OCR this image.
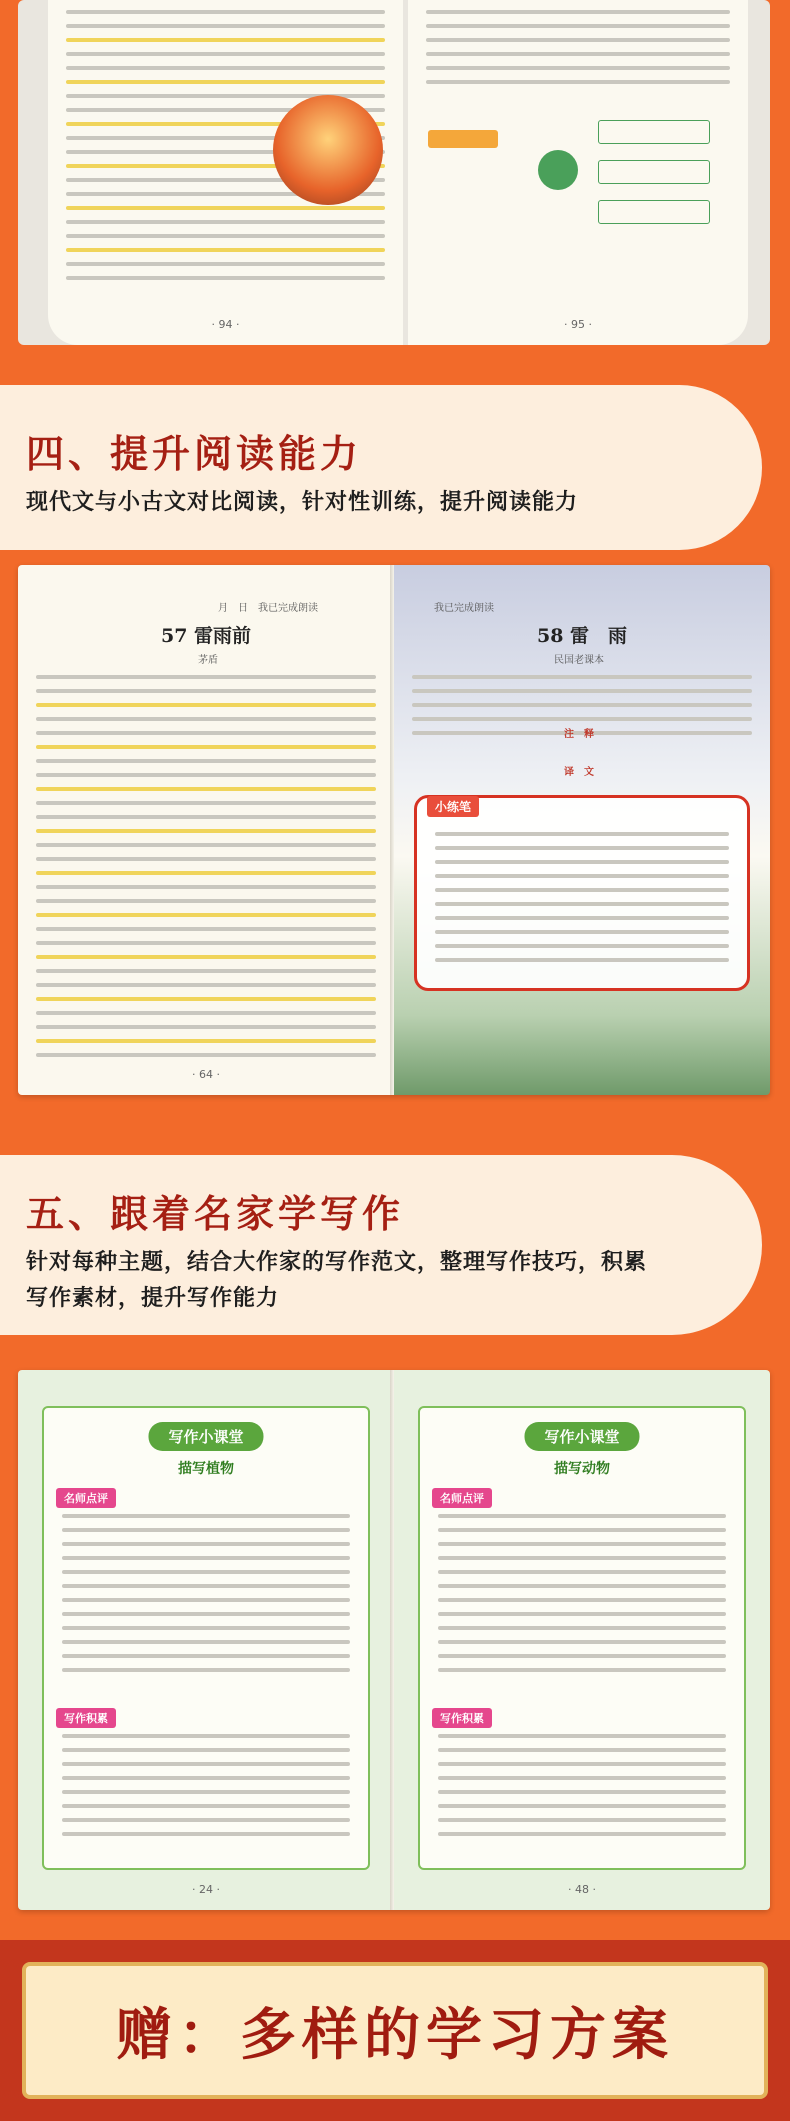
· 94 ·	· 95 ·
四、提升阅读能力
现代文与小古文对比阅读，针对性训练，提升阅读能力
月　日　我已完成朗读
57 雷雨前
茅盾
· 64 ·
我已完成朗读
58 雷　雨
民国老课本
注　释
译　文
小练笔
五、跟着名家学写作
针对每种主题，结合大作家的写作范文，整理写作技巧，积累
写作素材，提升写作能力
写作小课堂
描写植物
名师点评
写作积累
· 24 ·
写作小课堂
描写动物
名师点评
写作积累
· 48 ·
赠：多样的学习方案
